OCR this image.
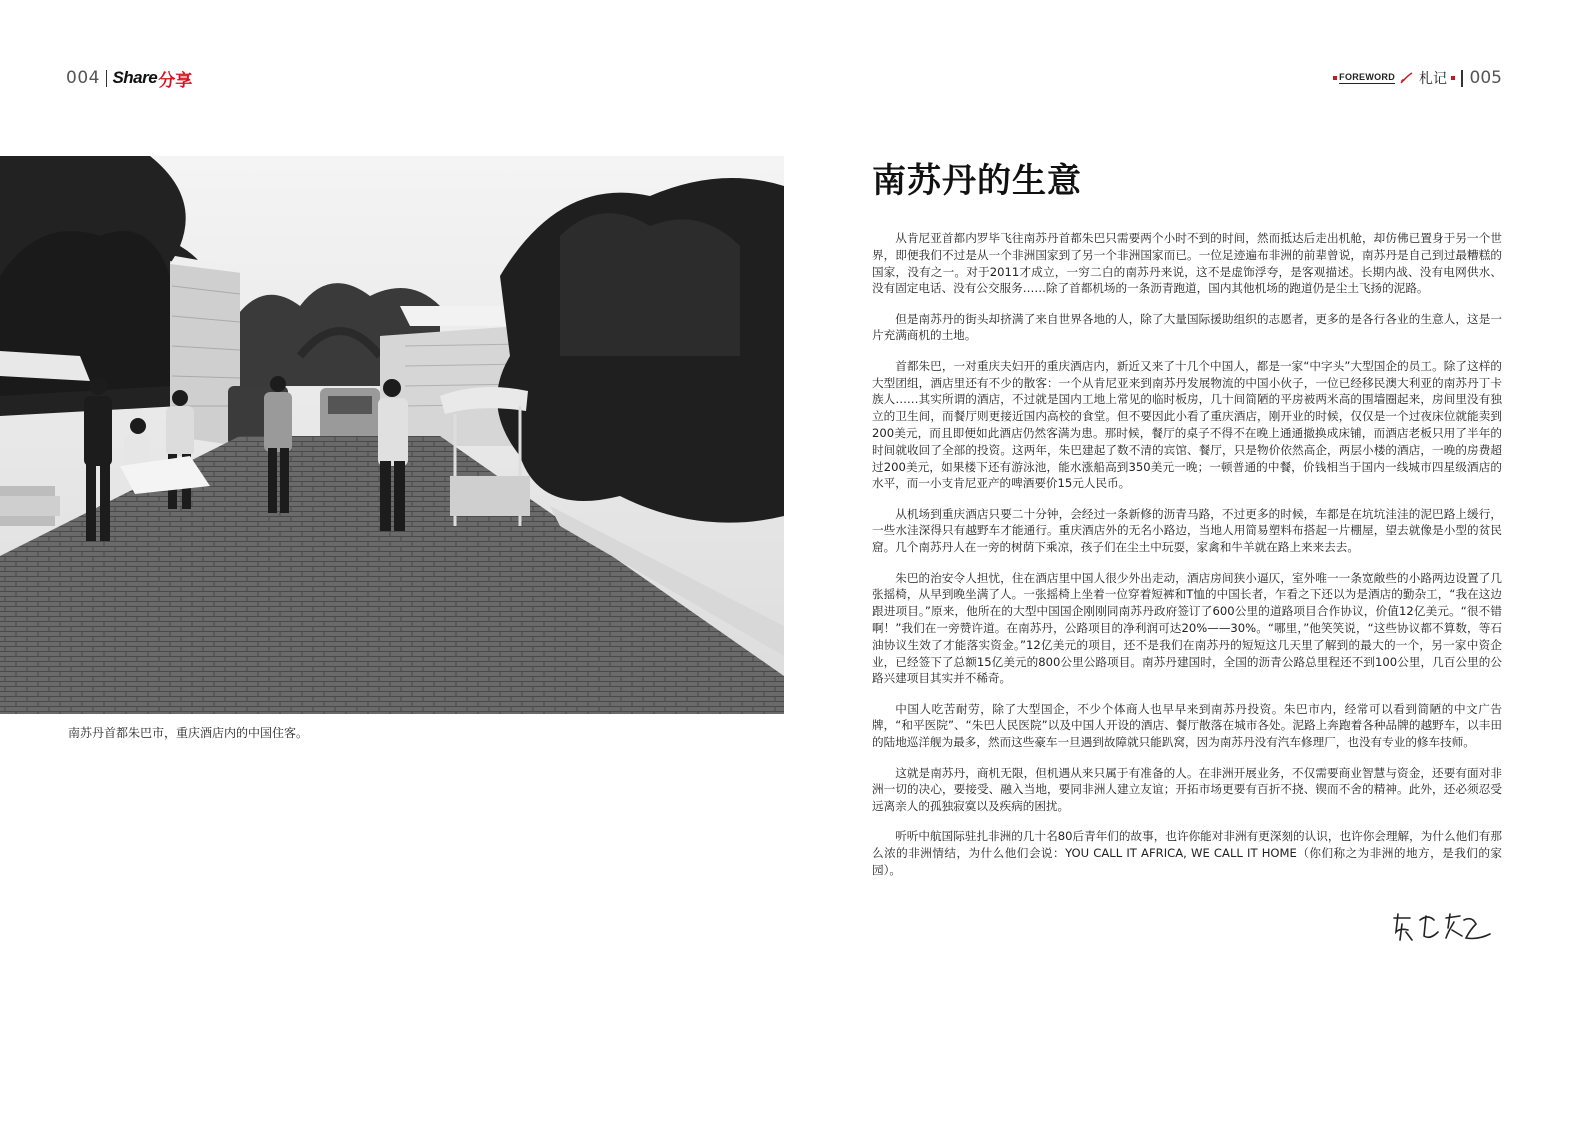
004 Share 分享	FOREWORD 札记 005
南苏丹首都朱巴市，重庆酒店内的中国住客。
南苏丹的生意

从肯尼亚首都内罗毕飞往南苏丹首都朱巴只需要两个小时不到的时间，然而抵达后走出机舱，却仿佛已置身于另一个世界，即便我们不过是从一个非洲国家到了另一个非洲国家而已。一位足迹遍布非洲的前辈曾说，南苏丹是自己到过最糟糕的国家，没有之一。对于2011才成立，一穷二白的南苏丹来说，这不是虚饰浮夸，是客观描述。长期内战、没有电网供水、没有固定电话、没有公交服务……除了首都机场的一条沥青跑道，国内其他机场的跑道仍是尘土飞扬的泥路。

但是南苏丹的街头却挤满了来自世界各地的人，除了大量国际援助组织的志愿者，更多的是各行各业的生意人，这是一片充满商机的土地。

首都朱巴，一对重庆夫妇开的重庆酒店内，新近又来了十几个中国人，都是一家“中字头”大型国企的员工。除了这样的大型团组，酒店里还有不少的散客：一个从肯尼亚来到南苏丹发展物流的中国小伙子，一位已经移民澳大利亚的南苏丹丁卡族人……其实所谓的酒店，不过就是国内工地上常见的临时板房，几十间简陋的平房被两米高的围墙圈起来，房间里没有独立的卫生间，而餐厅则更接近国内高校的食堂。但不要因此小看了重庆酒店，刚开业的时候，仅仅是一个过夜床位就能卖到200美元，而且即便如此酒店仍然客满为患。那时候，餐厅的桌子不得不在晚上通通撤换成床铺，而酒店老板只用了半年的时间就收回了全部的投资。这两年，朱巴建起了数不清的宾馆、餐厅，只是物价依然高企，两层小楼的酒店，一晚的房费超过200美元，如果楼下还有游泳池，能水涨船高到350美元一晚；一顿普通的中餐，价钱相当于国内一线城市四星级酒店的水平，而一小支肯尼亚产的啤酒要价15元人民币。

从机场到重庆酒店只要二十分钟，会经过一条新修的沥青马路，不过更多的时候，车都是在坑坑洼洼的泥巴路上缓行，一些水洼深得只有越野车才能通行。重庆酒店外的无名小路边，当地人用简易塑料布搭起一片棚屋，望去就像是小型的贫民窟。几个南苏丹人在一旁的树荫下乘凉，孩子们在尘土中玩耍，家禽和牛羊就在路上来来去去。

朱巴的治安令人担忧，住在酒店里中国人很少外出走动，酒店房间狭小逼仄，室外唯一一条宽敞些的小路两边设置了几张摇椅，从早到晚坐满了人。一张摇椅上坐着一位穿着短裤和T恤的中国长者，乍看之下还以为是酒店的勤杂工，“我在这边跟进项目。”原来，他所在的大型中国国企刚刚同南苏丹政府签订了600公里的道路项目合作协议，价值12亿美元。“很不错啊！”我们在一旁赞许道。在南苏丹，公路项目的净利润可达20%——30%。“哪里，”他笑笑说，“这些协议都不算数，等石油协议生效了才能落实资金。”12亿美元的项目，还不是我们在南苏丹的短短这几天里了解到的最大的一个，另一家中资企业，已经签下了总额15亿美元的800公里公路项目。南苏丹建国时，全国的沥青公路总里程还不到100公里，几百公里的公路兴建项目其实并不稀奇。

中国人吃苦耐劳，除了大型国企，不少个体商人也早早来到南苏丹投资。朱巴市内，经常可以看到简陋的中文广告牌，“和平医院”、“朱巴人民医院”以及中国人开设的酒店、餐厅散落在城市各处。泥路上奔跑着各种品牌的越野车，以丰田的陆地巡洋舰为最多，然而这些豪车一旦遇到故障就只能趴窝，因为南苏丹没有汽车修理厂，也没有专业的修车技师。

这就是南苏丹，商机无限，但机遇从来只属于有准备的人。在非洲开展业务，不仅需要商业智慧与资金，还要有面对非洲一切的决心，要接受、融入当地，要同非洲人建立友谊；开拓市场更要有百折不挠、锲而不舍的精神。此外，还必须忍受远离亲人的孤独寂寞以及疾病的困扰。

听听中航国际驻扎非洲的几十名80后青年们的故事，也许你能对非洲有更深刻的认识，也许你会理解，为什么他们有那么浓的非洲情结，为什么他们会说：YOU CALL IT AFRICA, WE CALL IT HOME（你们称之为非洲的地方，是我们的家园）。
